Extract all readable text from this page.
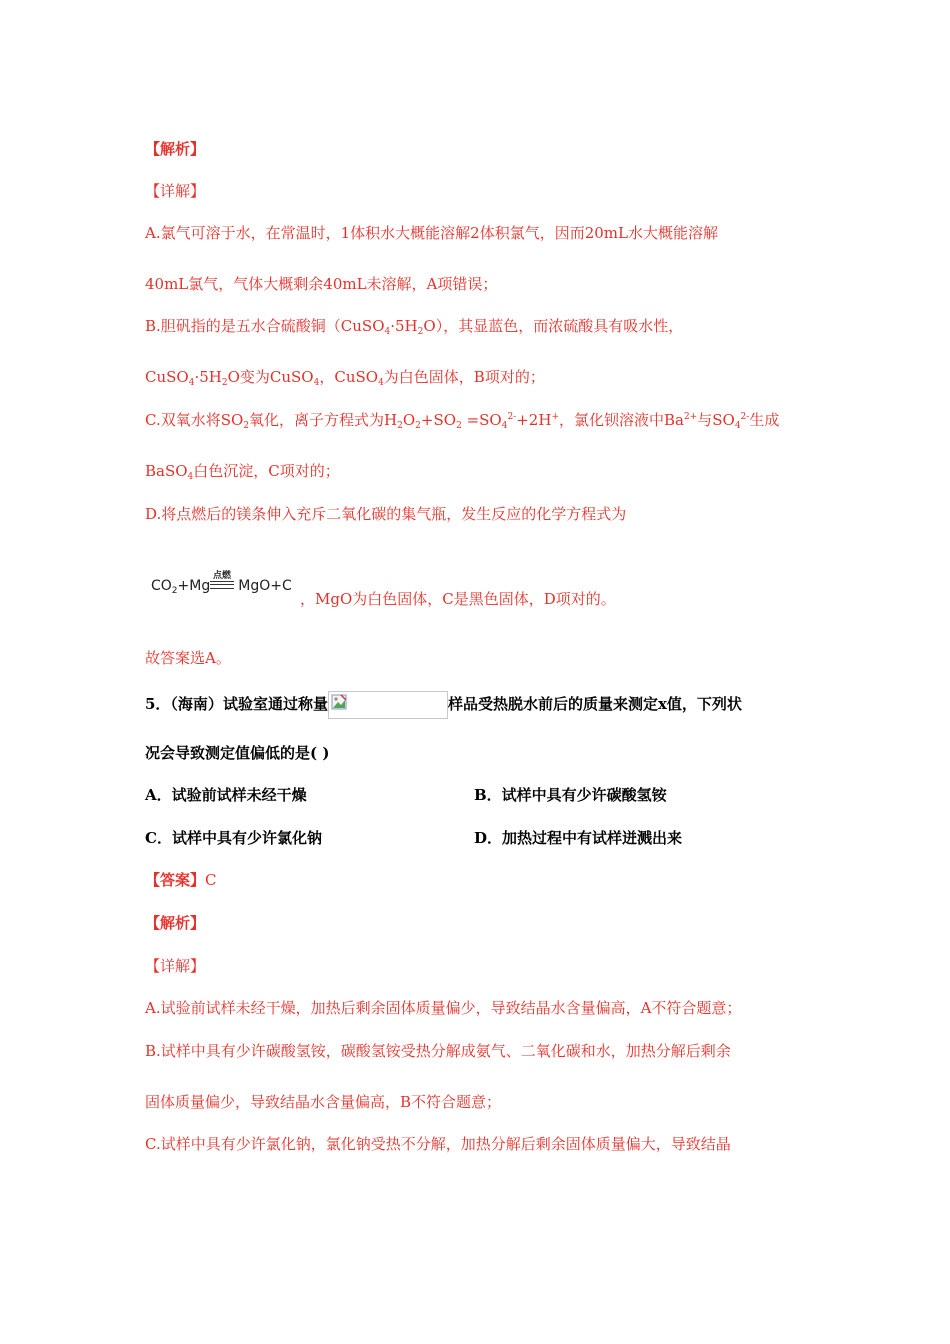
【解析】
【详解】
A.氯气可溶于水，在常温时，1体积水大概能溶解2体积氯气，因而20mL水大概能溶解
40mL氯气，气体大概剩余40mL未溶解，A项错误；
B.胆矾指的是五水合硫酸铜$(CuSO_4\cdot 5H_2O)$，其显蓝色，而浓硫酸具有吸水性，
$CuSO_4\cdot 5H_2O$变为CuSO$_4$，CuSO$_4$为白色固体，B项对的；
C.双氧水将$SO_2$氧化，离子方程式为$H_2O_2+SO_2 =SO_4^{2-}+2H^+$，氯化钡溶液中$Ba^{2+}$与$SO_4^{2-}$生成
BaSO$_4$白色沉淀，C项对的；
D.将点燃后的镁条伸入充斥二氧化碳的集气瓶，发生反应的化学方程式为
点燃
$CO_2+Mg$ MgO+C
，MgO为白色固体，C是黑色固体，D项对的。
故答案选A。
5．（海南）试验室通过称量	样品受热脱水前后的质量来测定x值，下列状
况会导致测定值偏低的是( )
A．试验前试样未经干燥	B．试样中具有少许碳酸氢铵
C．试样中具有少许氯化钠	D．加热过程中有试样迸溅出来
【答案】C
【解析】
【详解】
A.试验前试样未经干燥，加热后剩余固体质量偏少，导致结晶水含量偏高，A不符合题意；
B.试样中具有少许碳酸氢铵，碳酸氢铵受热分解成氨气、二氧化碳和水，加热分解后剩余
固体质量偏少，导致结晶水含量偏高，B不符合题意；
C.试样中具有少许氯化钠，氯化钠受热不分解，加热分解后剩余固体质量偏大，导致结晶
